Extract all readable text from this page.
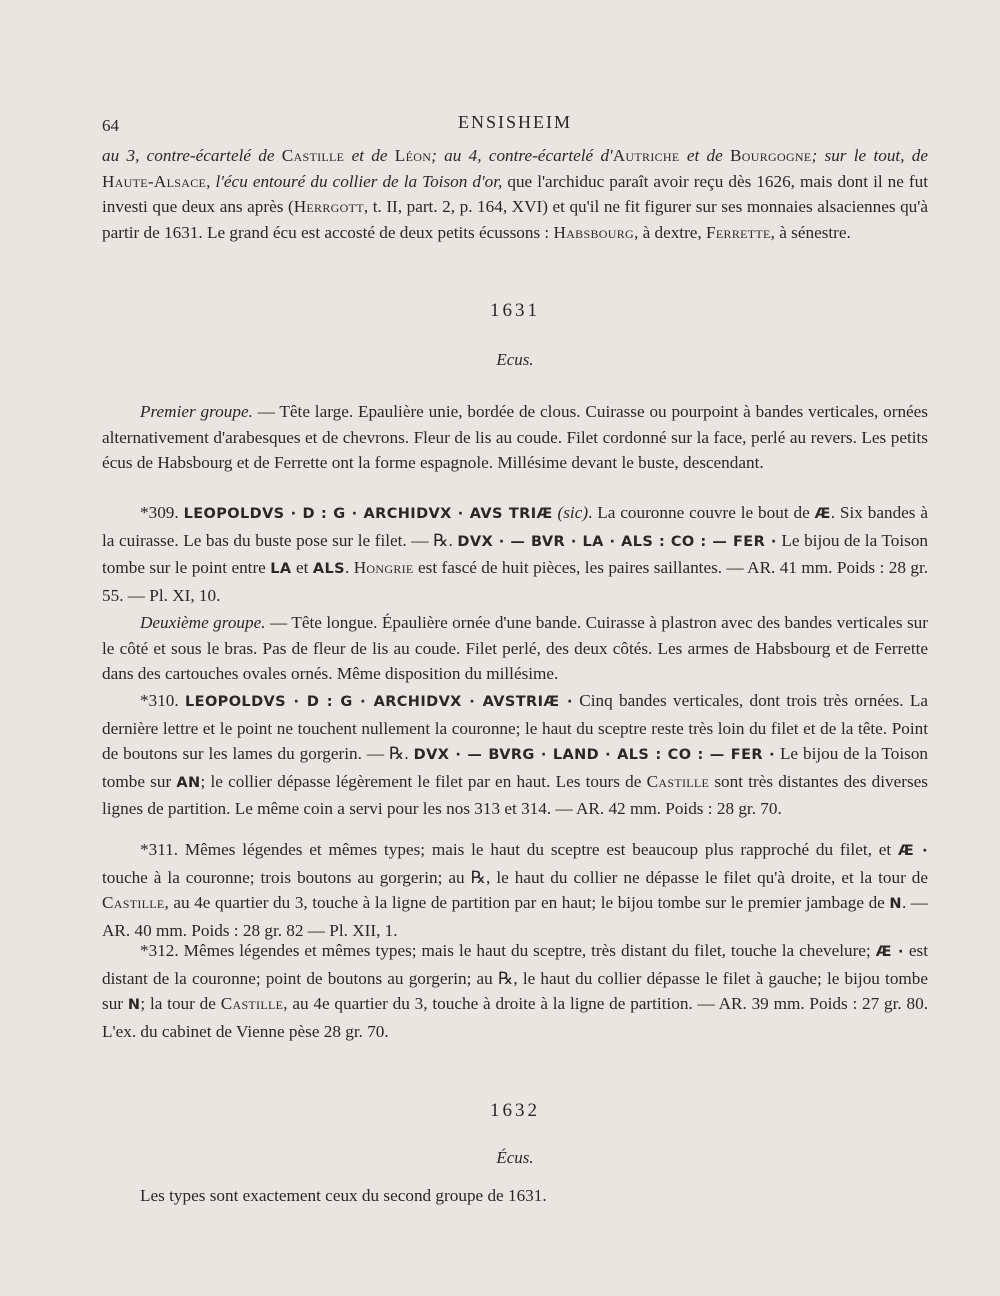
64	ENSISHEIM

au 3, contre-écartelé de Castille et de Léon; au 4, contre-écartelé d'Autriche et de Bourgogne; sur le tout, de Haute-Alsace, l'écu entouré du collier de la Toison d'or, que l'archiduc paraît avoir reçu dès 1626, mais dont il ne fut investi que deux ans après (Herrgott, t. II, part. 2, p. 164, XVI) et qu'il ne fit figurer sur ses monnaies alsaciennes qu'à partir de 1631. Le grand écu est accosté de deux petits écussons : Habsbourg, à dextre, Ferrette, à sénestre.

1631
Ecus.

Premier groupe. — Tête large. Epaulière unie, bordée de clous. Cuirasse ou pourpoint à bandes verticales, ornées alternativement d'arabesques et de chevrons. Fleur de lis au coude. Filet cordonné sur la face, perlé au revers. Les petits écus de Habsbourg et de Ferrette ont la forme espagnole. Millésime devant le buste, descendant.

*309. LEOPOLDVS · D : G · ARCHIDVX · AVS TRIÆ (sic). La couronne couvre le bout de Æ. Six bandes à la cuirasse. Le bas du buste pose sur le filet. — ℞. DVX · — BVR · LA · ALS : CO : — FER · Le bijou de la Toison tombe sur le point entre LA et ALS. Hongrie est fascé de huit pièces, les paires saillantes. — AR. 41 mm. Poids : 28 gr. 55. — Pl. XI, 10.

Deuxième groupe. — Tête longue. Épaulière ornée d'une bande. Cuirasse à plastron avec des bandes verticales sur le côté et sous le bras. Pas de fleur de lis au coude. Filet perlé, des deux côtés. Les armes de Habsbourg et de Ferrette dans des cartouches ovales ornés. Même disposition du millésime.

*310. LEOPOLDVS · D : G · ARCHIDVX · AVSTRIÆ · Cinq bandes verticales, dont trois très ornées. La dernière lettre et le point ne touchent nullement la couronne; le haut du sceptre reste très loin du filet et de la tête. Point de boutons sur les lames du gorgerin. — ℞. DVX · — BVRG · LAND · ALS : CO : — FER · Le bijou de la Toison tombe sur AN; le collier dépasse légèrement le filet par en haut. Les tours de Castille sont très distantes des diverses lignes de partition. Le même coin a servi pour les nos 313 et 314. — AR. 42 mm. Poids : 28 gr. 70.

*311. Mêmes légendes et mêmes types; mais le haut du sceptre est beaucoup plus rapproché du filet, et Æ · touche à la couronne; trois boutons au gorgerin; au ℞, le haut du collier ne dépasse le filet qu'à droite, et la tour de Castille, au 4e quartier du 3, touche à la ligne de partition par en haut; le bijou tombe sur le premier jambage de N. — AR. 40 mm. Poids : 28 gr. 82 — Pl. XII, 1.

*312. Mêmes légendes et mêmes types; mais le haut du sceptre, très distant du filet, touche la chevelure; Æ · est distant de la couronne; point de boutons au gorgerin; au ℞, le haut du collier dépasse le filet à gauche; le bijou tombe sur N; la tour de Castille, au 4e quartier du 3, touche à droite à la ligne de partition. — AR. 39 mm. Poids : 27 gr. 80. L'ex. du cabinet de Vienne pèse 28 gr. 70.

1632
Écus.

Les types sont exactement ceux du second groupe de 1631.
